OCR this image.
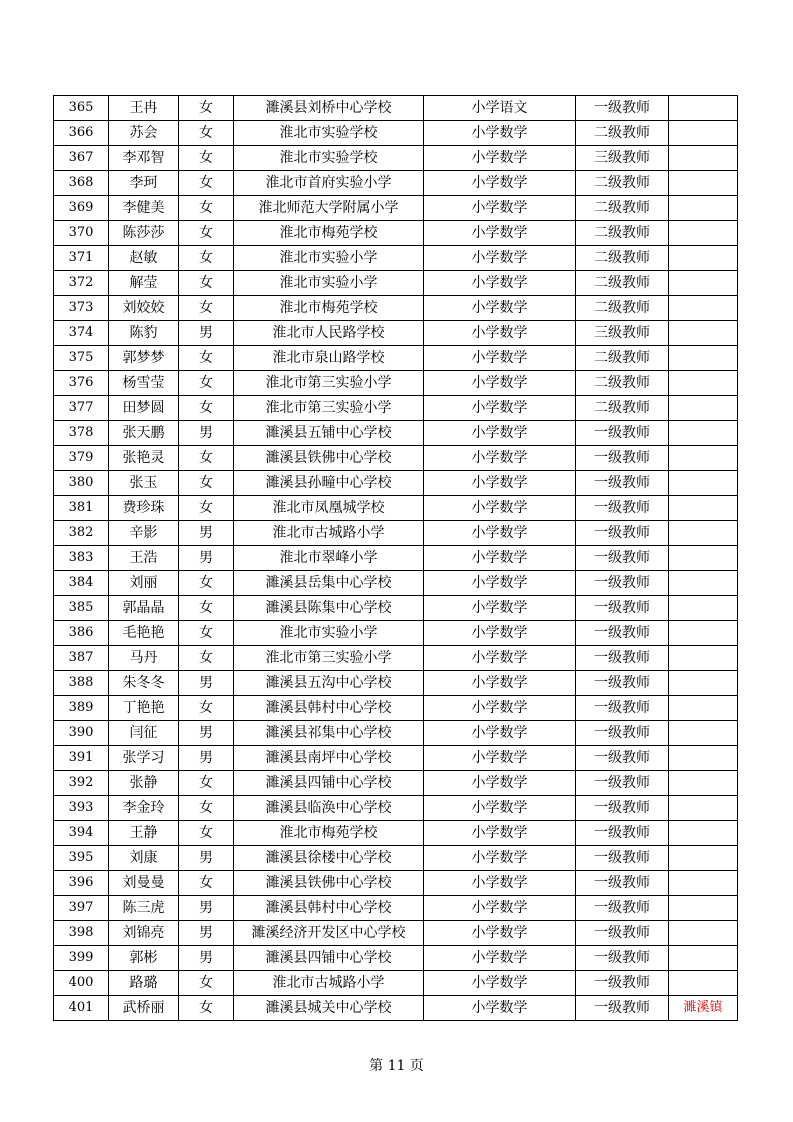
365	王冉	女	濉溪县刘桥中心学校	小学语文	一级教师	
366	苏会	女	淮北市实验学校	小学数学	二级教师	
367	李邓智	女	淮北市实验学校	小学数学	三级教师	
368	李珂	女	淮北市首府实验小学	小学数学	二级教师	
369	李健美	女	淮北师范大学附属小学	小学数学	二级教师	
370	陈莎莎	女	淮北市梅苑学校	小学数学	二级教师	
371	赵敏	女	淮北市实验小学	小学数学	二级教师	
372	解莹	女	淮北市实验小学	小学数学	二级教师	
373	刘姣姣	女	淮北市梅苑学校	小学数学	二级教师	
374	陈豹	男	淮北市人民路学校	小学数学	三级教师	
375	郭梦梦	女	淮北市泉山路学校	小学数学	二级教师	
376	杨雪莹	女	淮北市第三实验小学	小学数学	二级教师	
377	田梦圆	女	淮北市第三实验小学	小学数学	二级教师	
378	张天鹏	男	濉溪县五铺中心学校	小学数学	一级教师	
379	张艳灵	女	濉溪县铁佛中心学校	小学数学	一级教师	
380	张玉	女	濉溪县孙疃中心学校	小学数学	一级教师	
381	费珍珠	女	淮北市凤凰城学校	小学数学	一级教师	
382	辛影	男	淮北市古城路小学	小学数学	一级教师	
383	王浩	男	淮北市翠峰小学	小学数学	一级教师	
384	刘丽	女	濉溪县岳集中心学校	小学数学	一级教师	
385	郭晶晶	女	濉溪县陈集中心学校	小学数学	一级教师	
386	毛艳艳	女	淮北市实验小学	小学数学	一级教师	
387	马丹	女	淮北市第三实验小学	小学数学	一级教师	
388	朱冬冬	男	濉溪县五沟中心学校	小学数学	一级教师	
389	丁艳艳	女	濉溪县韩村中心学校	小学数学	一级教师	
390	闫征	男	濉溪县祁集中心学校	小学数学	一级教师	
391	张学习	男	濉溪县南坪中心学校	小学数学	一级教师	
392	张静	女	濉溪县四铺中心学校	小学数学	一级教师	
393	李金玲	女	濉溪县临涣中心学校	小学数学	一级教师	
394	王静	女	淮北市梅苑学校	小学数学	一级教师	
395	刘康	男	濉溪县徐楼中心学校	小学数学	一级教师	
396	刘曼曼	女	濉溪县铁佛中心学校	小学数学	一级教师	
397	陈三虎	男	濉溪县韩村中心学校	小学数学	一级教师	
398	刘锦亮	男	濉溪经济开发区中心学校	小学数学	一级教师	
399	郭彬	男	濉溪县四铺中心学校	小学数学	一级教师	
400	路璐	女	淮北市古城路小学	小学数学	一级教师	
401	武桥丽	女	濉溪县城关中心学校	小学数学	一级教师	濉溪镇
第 11 页
